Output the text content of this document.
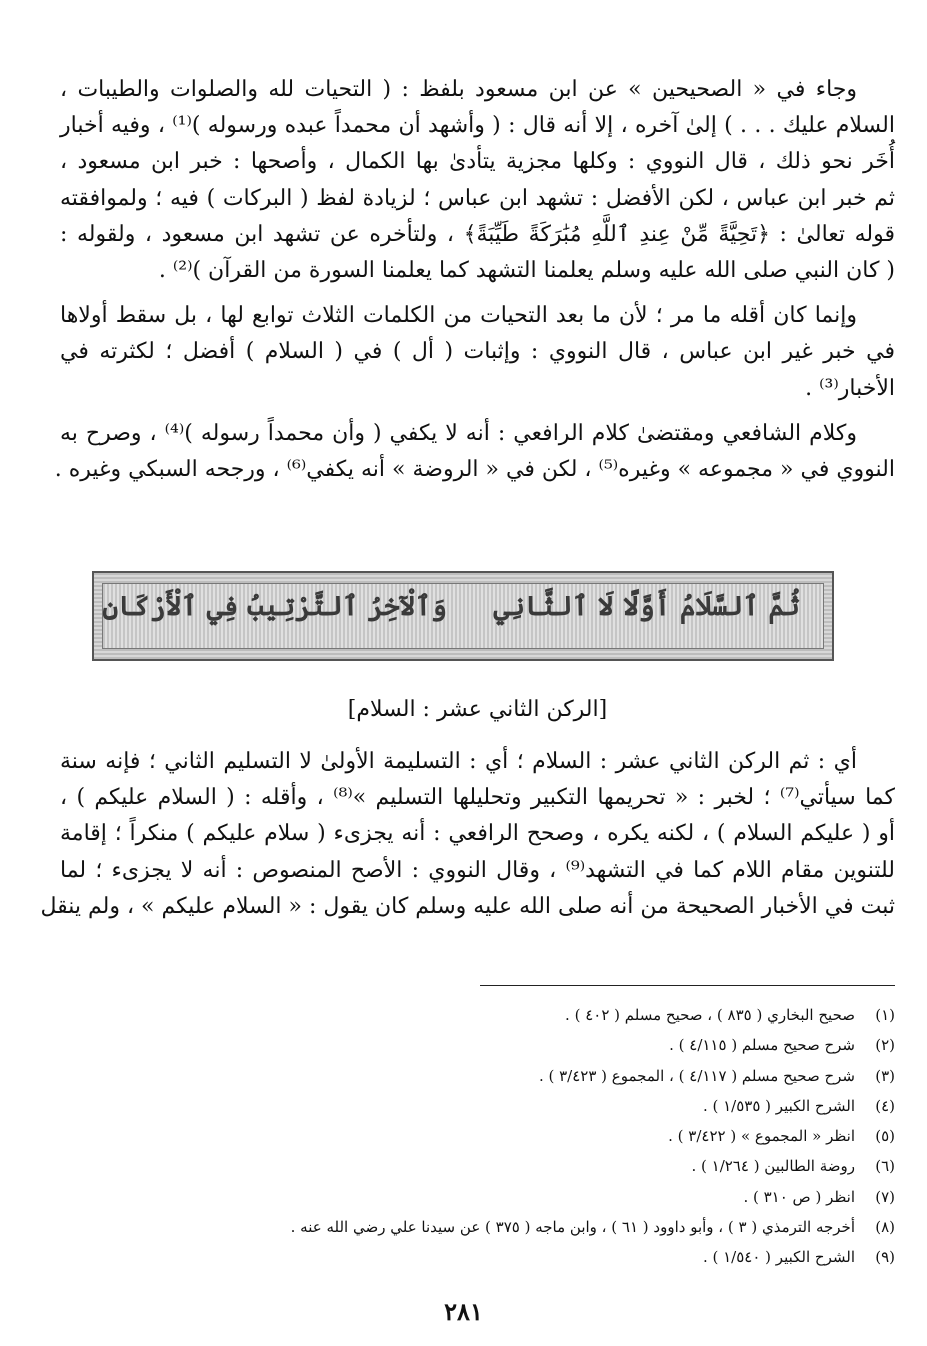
وجاء في « الصحيحين » عن ابن مسعود بلفظ : ( التحيات لله والصلوات والطيبات ،
السلام عليك . . . ) إلىٰ آخره ، إلا أنه قال : ( وأشهد أن محمداً عبده ورسوله )⁽¹⁾ ، وفيه أخبار
أُخَر نحو ذلك ، قال النووي : وكلها مجزية يتأدىٰ بها الكمال ، وأصحها : خبر ابن مسعود ،
ثم خبر ابن عباس ، لكن الأفضل : تشهد ابن عباس ؛ لزيادة لفظ ( البركات ) فيه ؛ ولموافقته
قوله تعالىٰ : ﴿تَحِيَّةً مِّنْ عِندِ ٱللَّهِ مُبَٰرَكَةً طَيِّبَةً﴾ ، ولتأخره عن تشهد ابن مسعود ، ولقوله :
( كان النبي صلى الله عليه وسلم يعلمنا التشهد كما يعلمنا السورة من القرآن )⁽²⁾ .

وإنما كان أقله ما مر ؛ لأن ما بعد التحيات من الكلمات الثلاث توابع لها ، بل سقط أولاها
في خبر غير ابن عباس ، قال النووي : وإثبات ( أل ) في ( السلام ) أفضل ؛ لكثرته في
الأخبار⁽³⁾ .

وكلام الشافعي ومقتضىٰ كلام الرافعي : أنه لا يكفي ( وأن محمداً رسوله )⁽⁴⁾ ، وصرح به
النووي في « مجموعه » وغيره⁽⁵⁾ ، لكن في « الروضة » أنه يكفي⁽⁶⁾ ، ورجحه السبكي وغيره .

ثُمَّ ٱلسَّلَامُ أَوَّلًا لَا ٱلثَّانِي
وَٱلْآخِرُ ٱلتَّرْتِيبُ فِي ٱلْأَرْكَانِ
[الركن الثاني عشر : السلام]

أي : ثم الركن الثاني عشر : السلام ؛ أي : التسليمة الأولىٰ لا التسليم الثاني ؛ فإنه سنة
كما سيأتي⁽⁷⁾ ؛ لخبر : « تحريمها التكبير وتحليلها التسليم »⁽⁸⁾ ، وأقله : ( السلام عليكم ) ،
أو ( عليكم السلام ) ، لكنه يكره ، وصحح الرافعي : أنه يجزىء ( سلام عليكم ) منكراً ؛ إقامة
للتنوين مقام اللام كما في التشهد⁽⁹⁾ ، وقال النووي : الأصح المنصوص : أنه لا يجزىء ؛ لما
ثبت في الأخبار الصحيحة من أنه صلى الله عليه وسلم كان يقول : « السلام عليكم » ، ولم ينقل

(١)صحيح البخاري ( ٨٣٥ ) ، صحيح مسلم ( ٤٠٢ ) .
(٢)شرح صحيح مسلم ( ٤/١١٥ ) .
(٣)شرح صحيح مسلم ( ٤/١١٧ ) ، المجموع ( ٣/٤٢٣ ) .
(٤)الشرح الكبير ( ١/٥٣٥ ) .
(٥)انظر « المجموع » ( ٣/٤٢٢ ) .
(٦)روضة الطالبين ( ١/٢٦٤ ) .
(٧)انظر ( ص ٣١٠ ) .
(٨)أخرجه الترمذي ( ٣ ) ، وأبو داوود ( ٦١ ) ، وابن ماجه ( ٣٧٥ ) عن سيدنا علي رضي الله عنه .
(٩)الشرح الكبير ( ١/٥٤٠ ) .
٢٨١
